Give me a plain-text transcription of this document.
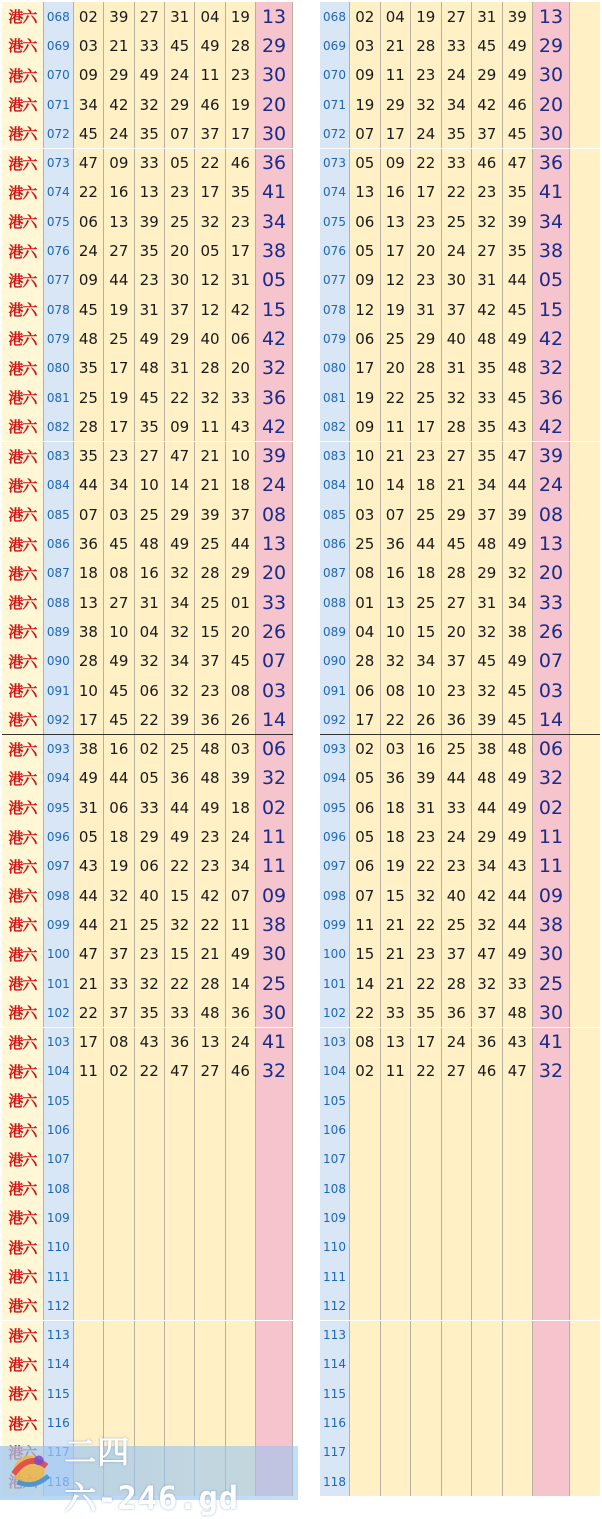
港六 068 02 39 27 31 04 19 13
港六 069 03 21 33 45 49 28 29
港六 070 09 29 49 24 11 23 30
港六 071 34 42 32 29 46 19 20
港六 072 45 24 35 07 37 17 30
港六 073 47 09 33 05 22 46 36
港六 074 22 16 13 23 17 35 41
港六 075 06 13 39 25 32 23 34
港六 076 24 27 35 20 05 17 38
港六 077 09 44 23 30 12 31 05
港六 078 45 19 31 37 12 42 15
港六 079 48 25 49 29 40 06 42
港六 080 35 17 48 31 28 20 32
港六 081 25 19 45 22 32 33 36
港六 082 28 17 35 09 11 43 42
港六 083 35 23 27 47 21 10 39
港六 084 44 34 10 14 21 18 24
港六 085 07 03 25 29 39 37 08
港六 086 36 45 48 49 25 44 13
港六 087 18 08 16 32 28 29 20
港六 088 13 27 31 34 25 01 33
港六 089 38 10 04 32 15 20 26
港六 090 28 49 32 34 37 45 07
港六 091 10 45 06 32 23 08 03
港六 092 17 45 22 39 36 26 14
港六 093 38 16 02 25 48 03 06
港六 094 49 44 05 36 48 39 32
港六 095 31 06 33 44 49 18 02
港六 096 05 18 29 49 23 24 11
港六 097 43 19 06 22 23 34 11
港六 098 44 32 40 15 42 07 09
港六 099 44 21 25 32 22 11 38
港六 100 47 37 23 15 21 49 30
港六 101 21 33 32 22 28 14 25
港六 102 22 37 35 33 48 36 30
港六 103 17 08 43 36 13 24 41
港六 104 11 02 22 47 27 46 32
港六 105
港六 106
港六 107
港六 108
港六 109
港六 110
港六 111
港六 112
港六 113
港六 114
港六 115
港六 116
068 02 04 19 27 31 39 13
069 03 21 28 33 45 49 29
070 09 11 23 24 29 49 30
071 19 29 32 34 42 46 20
072 07 17 24 35 37 45 30
073 05 09 22 33 46 47 36
074 13 16 17 22 23 35 41
075 06 13 23 25 32 39 34
076 05 17 20 24 27 35 38
077 09 12 23 30 31 44 05
078 12 19 31 37 42 45 15
079 06 25 29 40 48 49 42
080 17 20 28 31 35 48 32
081 19 22 25 32 33 45 36
082 09 11 17 28 35 43 42
083 10 21 23 27 35 47 39
084 10 14 18 21 34 44 24
085 03 07 25 29 37 39 08
086 25 36 44 45 48 49 13
087 08 16 18 28 29 32 20
088 01 13 25 27 31 34 33
089 04 10 15 20 32 38 26
090 28 32 34 37 45 49 07
091 06 08 10 23 32 45 03
092 17 22 26 36 39 45 14
093 02 03 16 25 38 48 06
094 05 36 39 44 48 49 32
095 06 18 31 33 44 49 02
096 05 18 23 24 29 49 11
097 06 19 22 23 34 43 11
098 07 15 32 40 42 44 09
099 11 21 22 25 32 44 38
100 15 21 23 37 47 49 30
101 14 21 22 28 32 33 25
102 22 33 35 36 37 48 30
103 08 13 17 24 36 43 41
104 02 11 22 27 46 47 32
105
106
107
108
109
110
111
112
113
114
115
116
117
118
二四六-246.gd
